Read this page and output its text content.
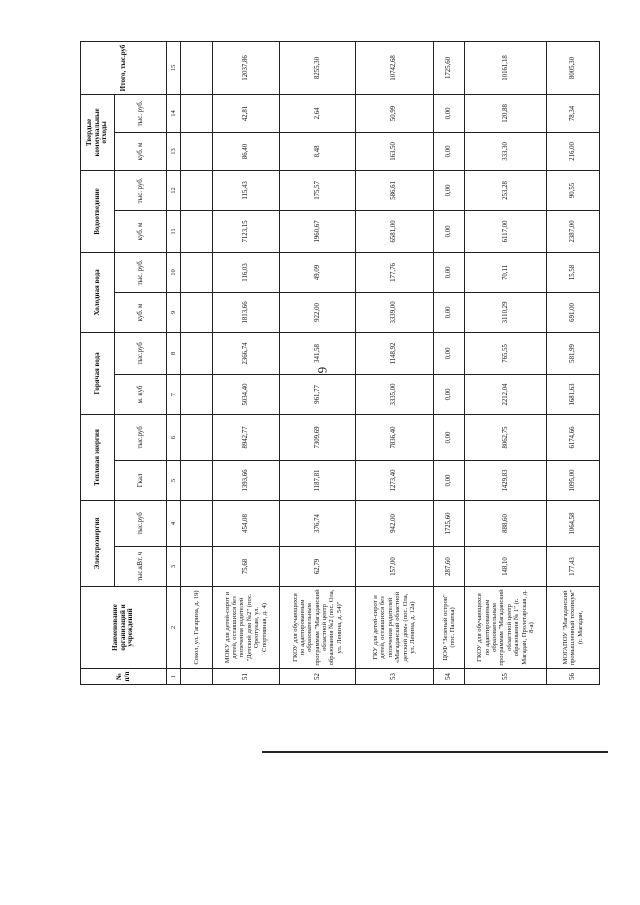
6
№ п/п	Наименование организаций и учреждений	Электроэнергия		Тепловая энергия		Горячая вода		Холодная вода		Водоотведение		Твердые коммунальные отходы		Итого, тыс.руб
		тыс.кВт. ч	тыс.руб	Гкал	тыс.руб	м. куб	тыс.руб	куб. м	тыс. руб.	куб. м	тыс. руб.	куб. м	тыс. руб.	
1	2	3	4	5	6	7	8	9	10	11	12	13	14	15
	Сокол, ул. Гагарина, д. 19)													
51	МОКУ для детей-сирот и детей, оставшихся без попечения родителей "Детский дом №2" (пос. Ореотукан, ул. Спортивная, д. 4)	75,68	454,08	1393,66	8942,77	5034,40	2366,74	1813,66	116,03	7123,15	115,43	86,40	42,81	12037,86
52	ГКОУ для обучающихся по адаптированным образовательным программам "Магаданский областной центр образования №2 (пос. Ола, ул. Ленина, д. 54)"	62,79	376,74	1187,81	7309,69	961,77	341,58	922,00	49,09	1960,67	175,57	8,48	2,64	8255,30
53	ГКУ для детей-сирот и детей, оставшихся без попечения родителей «Магаданский областной детский дом» (пос. Ола, ул. Ленина, д. 12а)	157,00	942,00	1273,40	7836,40	3335,00	1148,92	3339,00	177,76	6581,00	586,61	163,50	50,99	10742,68
54	ЦОФ "Зеленый остров" (пос. Палатка)	287,60	1725,60	0,00	0,00	0,00	0,00	0,00	0,00	0,00	0,00	0,00	0,00	1725,60
55	ГКОУ для обучающихся по адаптированным образовательным программам "Магаданский областной центр образования № 1" (г. Магадан, Пролетарская, д. 8-а)	148,10	888,60	1429,83	8062,75	2212,04	765,55	3110,29	70,11	6117,00	253,28	333,30	120,88	10161,18
56	МОГАПОУ "Магаданский промышленный техникум" (г. Магадан,	177,43	1064,58	1095,00	6174,66	1681,63	581,99	691,00	15,58	2387,00	90,55	216,00	78,34	8005,30
